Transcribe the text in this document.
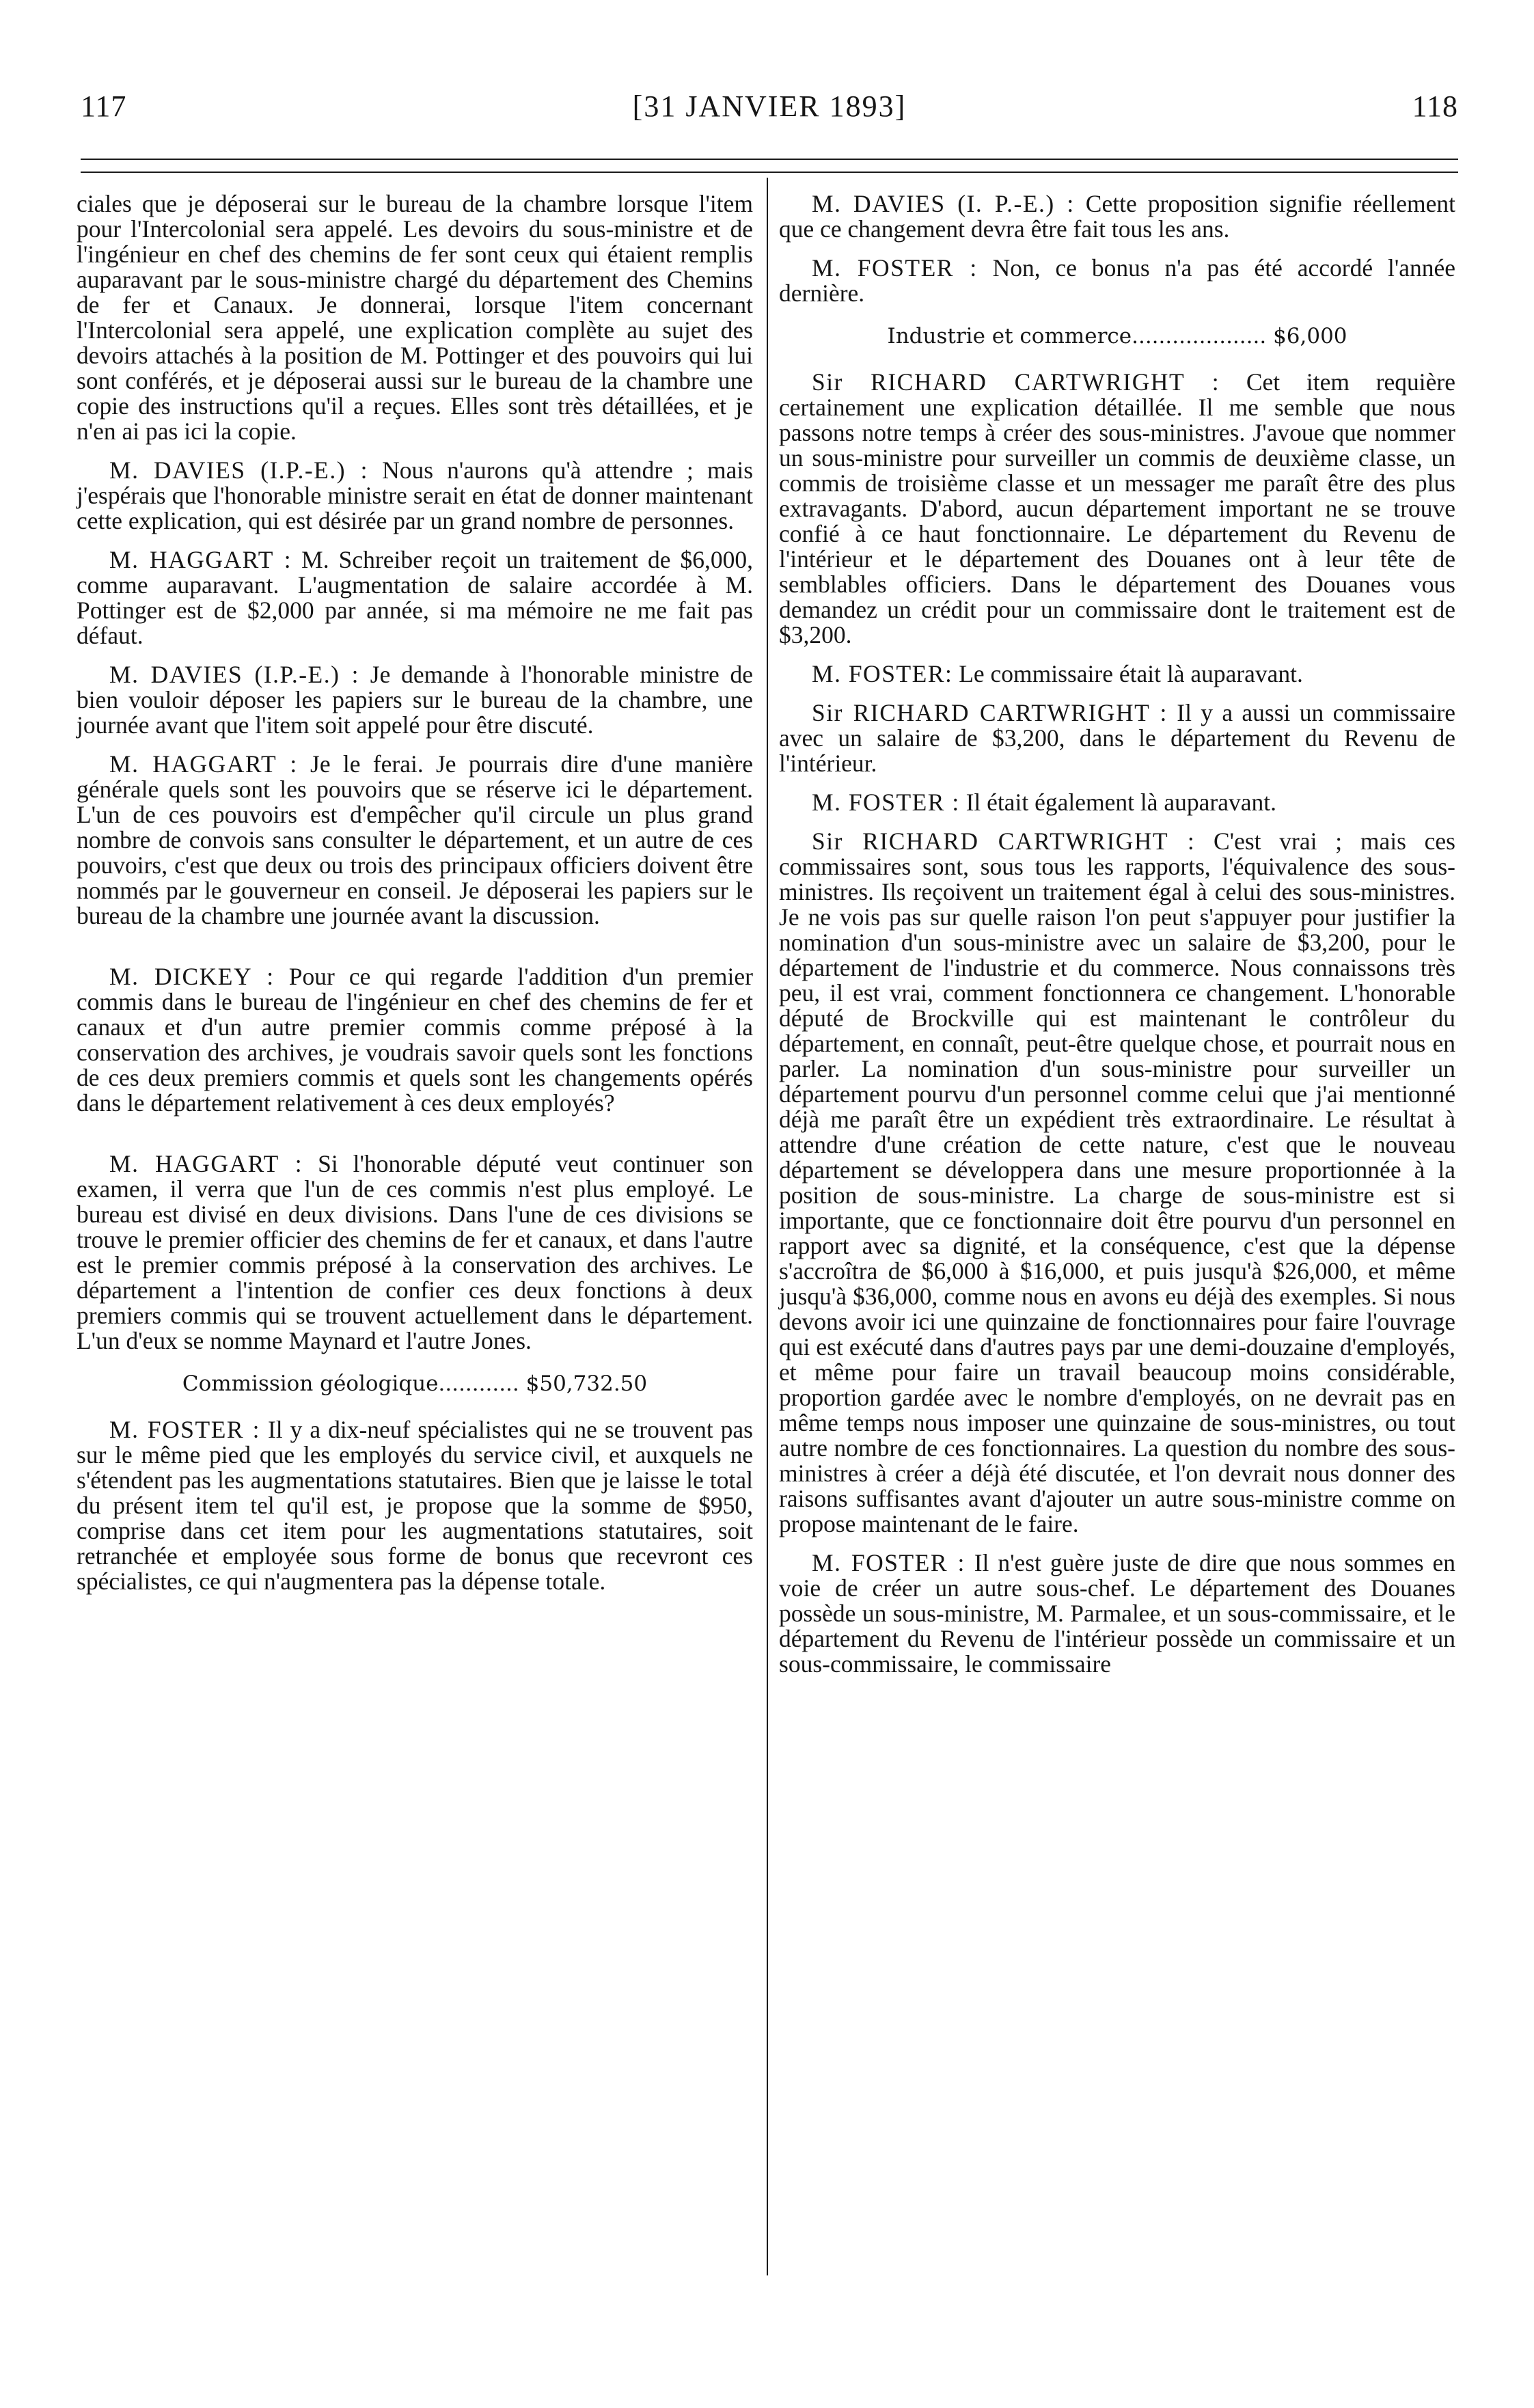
117	[31 JANVIER 1893]	118

ciales que je déposerai sur le bureau de la chambre lorsque l'item pour l'Intercolonial sera appelé. Les devoirs du sous-ministre et de l'ingénieur en chef des chemins de fer sont ceux qui étaient remplis auparavant par le sous-ministre chargé du département des Chemins de fer et Canaux. Je donnerai, lorsque l'item concernant l'Intercolonial sera appelé, une explication complète au sujet des devoirs attachés à la position de M. Pottinger et des pouvoirs qui lui sont conférés, et je déposerai aussi sur le bureau de la chambre une copie des instructions qu'il a reçues. Elles sont très détaillées, et je n'en ai pas ici la copie.

M. DAVIES (I.P.-E.) : Nous n'aurons qu'à attendre ; mais j'espérais que l'honorable ministre serait en état de donner maintenant cette explication, qui est désirée par un grand nombre de personnes.

M. HAGGART : M. Schreiber reçoit un traitement de $6,000, comme auparavant. L'augmentation de salaire accordée à M. Pottinger est de $2,000 par année, si ma mémoire ne me fait pas défaut.

M. DAVIES (I.P.-E.) : Je demande à l'honorable ministre de bien vouloir déposer les papiers sur le bureau de la chambre, une journée avant que l'item soit appelé pour être discuté.

M. HAGGART : Je le ferai. Je pourrais dire d'une manière générale quels sont les pouvoirs que se réserve ici le département. L'un de ces pouvoirs est d'empêcher qu'il circule un plus grand nombre de convois sans consulter le département, et un autre de ces pouvoirs, c'est que deux ou trois des principaux officiers doivent être nommés par le gouverneur en conseil. Je déposerai les papiers sur le bureau de la chambre une journée avant la discussion.

M. DICKEY : Pour ce qui regarde l'addition d'un premier commis dans le bureau de l'ingénieur en chef des chemins de fer et canaux et d'un autre premier commis comme préposé à la conservation des archives, je voudrais savoir quels sont les fonctions de ces deux premiers commis et quels sont les changements opérés dans le département relativement à ces deux employés?

M. HAGGART : Si l'honorable député veut continuer son examen, il verra que l'un de ces commis n'est plus employé. Le bureau est divisé en deux divisions. Dans l'une de ces divisions se trouve le premier officier des chemins de fer et canaux, et dans l'autre est le premier commis préposé à la conservation des archives. Le département a l'intention de confier ces deux fonctions à deux premiers commis qui se trouvent actuellement dans le département. L'un d'eux se nomme Maynard et l'autre Jones.

Commission géologique............ $50,732.50

M. FOSTER : Il y a dix-neuf spécialistes qui ne se trouvent pas sur le même pied que les employés du service civil, et auxquels ne s'étendent pas les augmentations statutaires. Bien que je laisse le total du présent item tel qu'il est, je propose que la somme de $950, comprise dans cet item pour les augmentations statutaires, soit retranchée et employée sous forme de bonus que recevront ces spécialistes, ce qui n'augmentera pas la dépense totale.

M. DAVIES (I. P.-E.) : Cette proposition signifie réellement que ce changement devra être fait tous les ans.

M. FOSTER : Non, ce bonus n'a pas été accordé l'année dernière.

Industrie et commerce.................... $6,000

Sir RICHARD CARTWRIGHT : Cet item requière certainement une explication détaillée. Il me semble que nous passons notre temps à créer des sous-ministres. J'avoue que nommer un sous-ministre pour surveiller un commis de deuxième classe, un commis de troisième classe et un messager me paraît être des plus extravagants. D'abord, aucun département important ne se trouve confié à ce haut fonctionnaire. Le département du Revenu de l'intérieur et le département des Douanes ont à leur tête de semblables officiers. Dans le département des Douanes vous demandez un crédit pour un commissaire dont le traitement est de $3,200.

M. FOSTER: Le commissaire était là auparavant.

Sir RICHARD CARTWRIGHT : Il y a aussi un commissaire avec un salaire de $3,200, dans le département du Revenu de l'intérieur.

M. FOSTER : Il était également là auparavant.

Sir RICHARD CARTWRIGHT : C'est vrai ; mais ces commissaires sont, sous tous les rapports, l'équivalence des sous-ministres. Ils reçoivent un traitement égal à celui des sous-ministres. Je ne vois pas sur quelle raison l'on peut s'appuyer pour justifier la nomination d'un sous-ministre avec un salaire de $3,200, pour le département de l'industrie et du commerce. Nous connaissons très peu, il est vrai, comment fonctionnera ce changement. L'honorable député de Brockville qui est maintenant le contrôleur du département, en connaît, peut-être quelque chose, et pourrait nous en parler. La nomination d'un sous-ministre pour surveiller un département pourvu d'un personnel comme celui que j'ai mentionné déjà me paraît être un expédient très extraordinaire. Le résultat à attendre d'une création de cette nature, c'est que le nouveau département se développera dans une mesure proportionnée à la position de sous-ministre. La charge de sous-ministre est si importante, que ce fonctionnaire doit être pourvu d'un personnel en rapport avec sa dignité, et la conséquence, c'est que la dépense s'accroîtra de $6,000 à $16,000, et puis jusqu'à $26,000, et même jusqu'à $36,000, comme nous en avons eu déjà des exemples. Si nous devons avoir ici une quinzaine de fonctionnaires pour faire l'ouvrage qui est exécuté dans d'autres pays par une demi-douzaine d'employés, et même pour faire un travail beaucoup moins considérable, proportion gardée avec le nombre d'employés, on ne devrait pas en même temps nous imposer une quinzaine de sous-ministres, ou tout autre nombre de ces fonctionnaires. La question du nombre des sous-ministres à créer a déjà été discutée, et l'on devrait nous donner des raisons suffisantes avant d'ajouter un autre sous-ministre comme on propose maintenant de le faire.

M. FOSTER : Il n'est guère juste de dire que nous sommes en voie de créer un autre sous-chef. Le département des Douanes possède un sous-ministre, M. Parmalee, et un sous-commissaire, et le département du Revenu de l'intérieur possède un commissaire et un sous-commissaire, le commissaire
